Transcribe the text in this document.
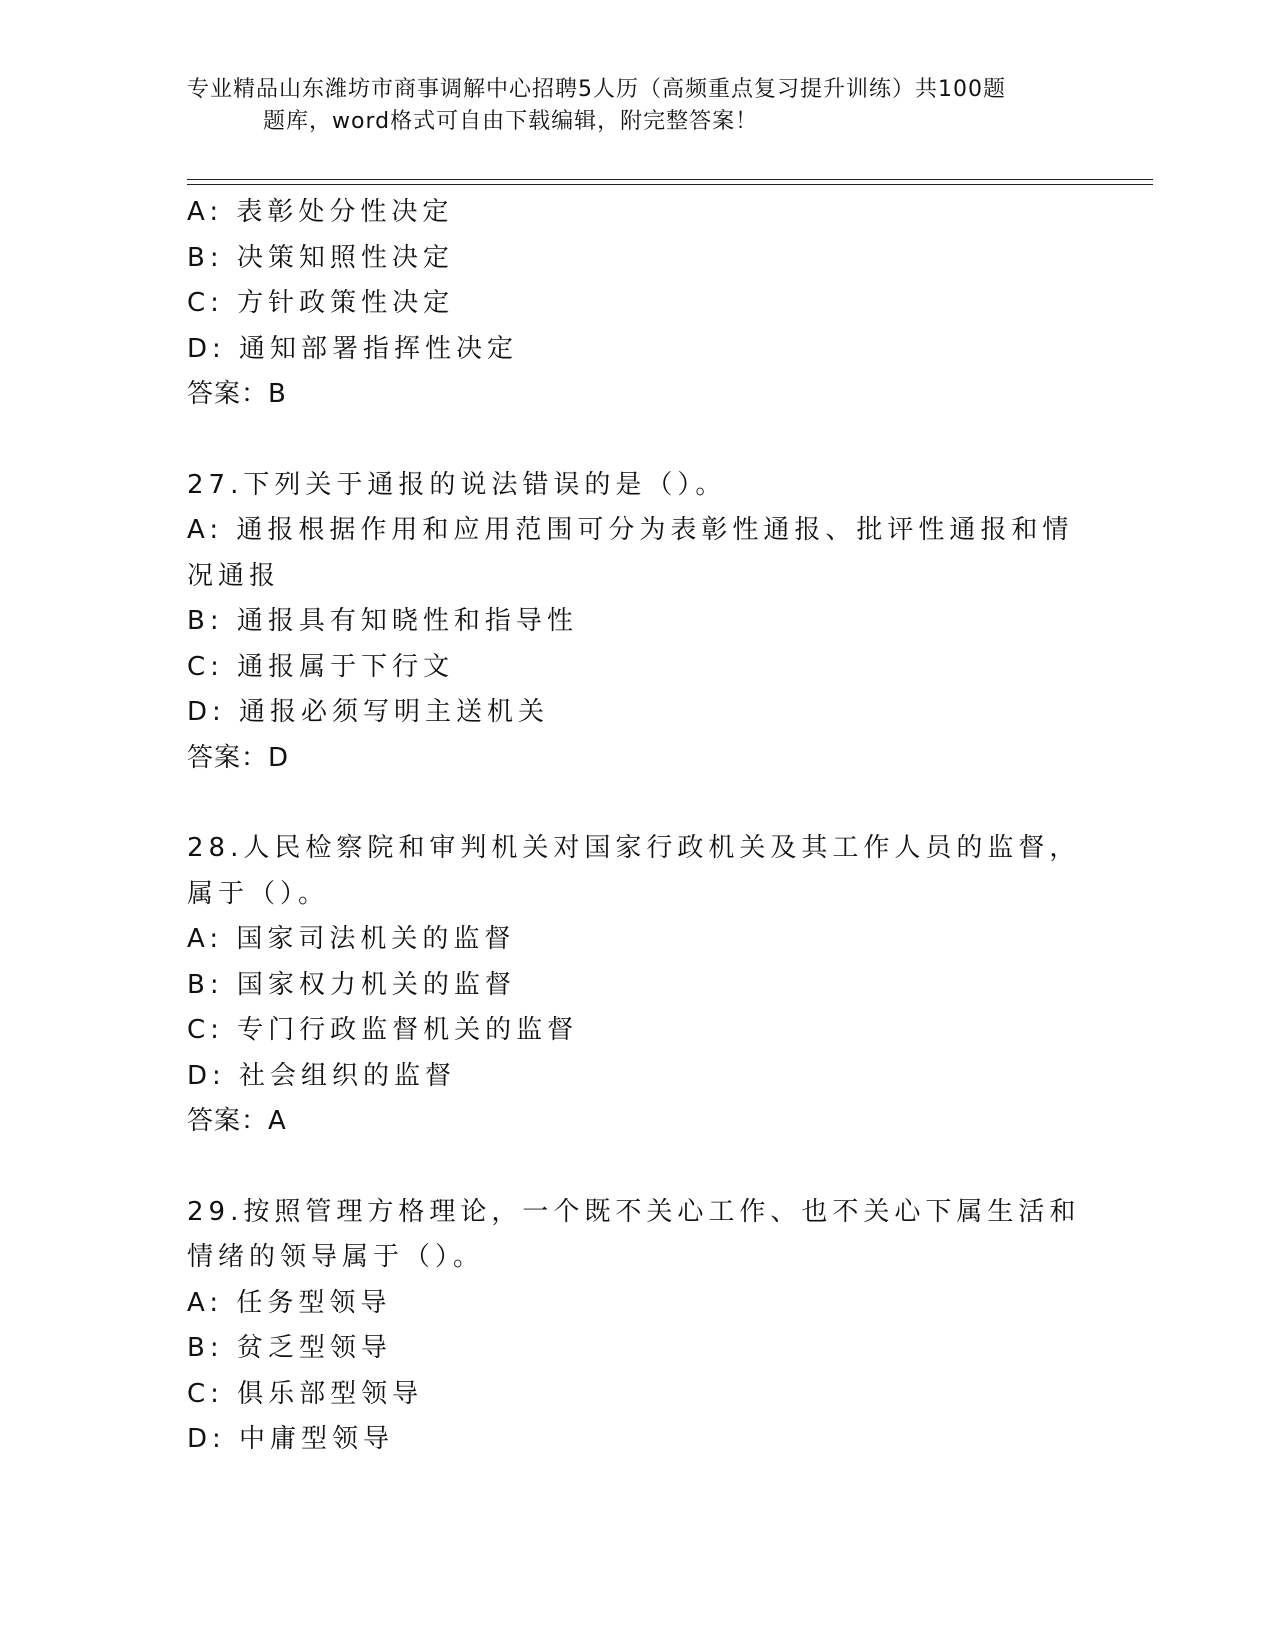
专业精品山东潍坊市商事调解中心招聘5人历（高频重点复习提升训练）共100题
题库，word格式可自由下载编辑，附完整答案！
A: 表彰处分性决定
B: 决策知照性决定
C: 方针政策性决定
D: 通知部署指挥性决定
答案：B
27.下列关于通报的说法错误的是（）。
A: 通报根据作用和应用范围可分为表彰性通报、批评性通报和情况通报
B: 通报具有知晓性和指导性
C: 通报属于下行文
D: 通报必须写明主送机关
答案：D
28.人民检察院和审判机关对国家行政机关及其工作人员的监督，属于（）。
A: 国家司法机关的监督
B: 国家权力机关的监督
C: 专门行政监督机关的监督
D: 社会组织的监督
答案：A
29.按照管理方格理论，一个既不关心工作、也不关心下属生活和情绪的领导属于（）。
A: 任务型领导
B: 贫乏型领导
C: 俱乐部型领导
D: 中庸型领导
